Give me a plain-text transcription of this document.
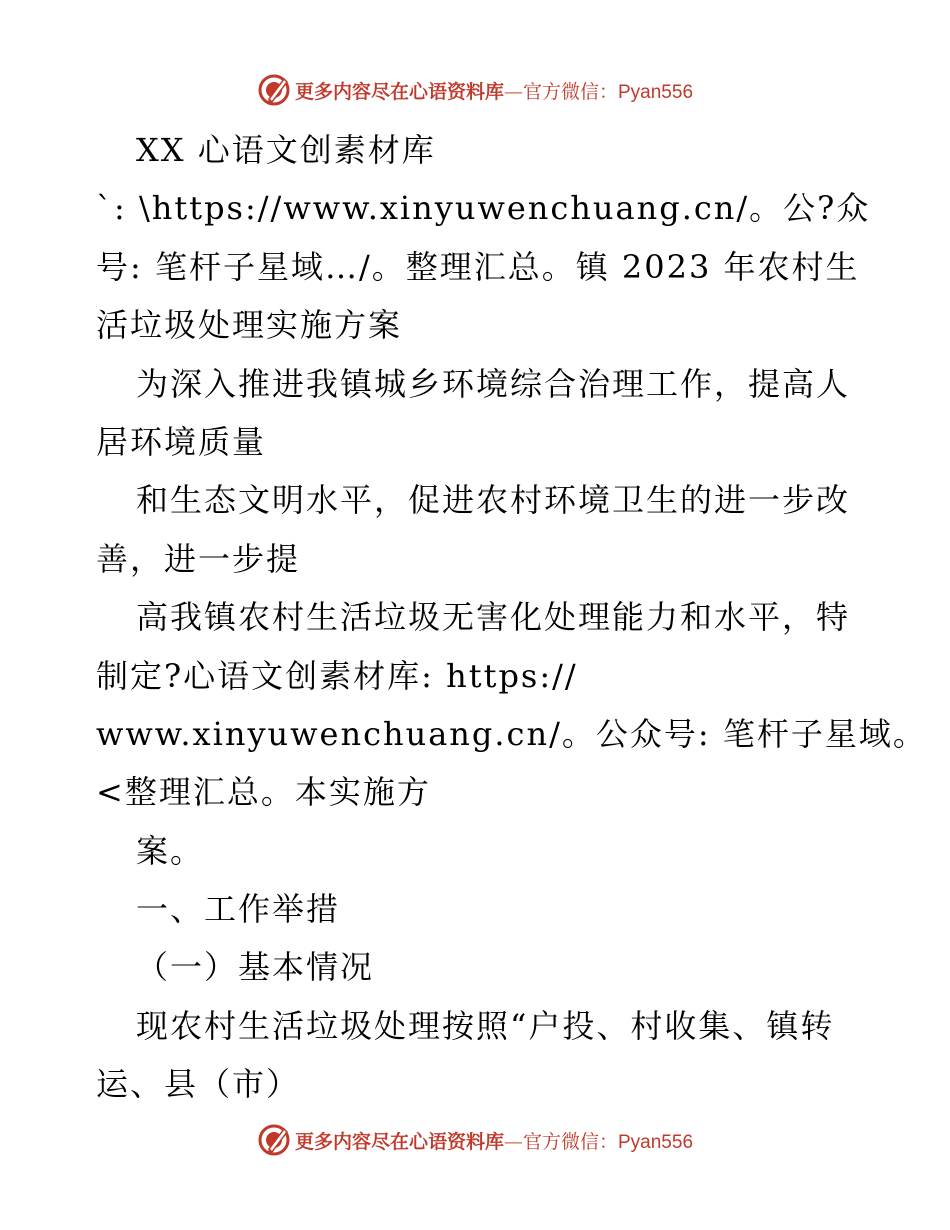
更多内容尽在心语资料库—官方微信：Pyan556
XX 心语文创素材库
`: \https://www.xinyuwenchuang.cn/。公?众
号: 笔杆子星域…/。整理汇总。镇 2023 年农村生
活垃圾处理实施方案
为深入推进我镇城乡环境综合治理工作，提高人
居环境质量
和生态文明水平，促进农村环境卫生的进一步改
善，进一步提
高我镇农村生活垃圾无害化处理能力和水平，特
制定?心语文创素材库: https://
www.xinyuwenchuang.cn/。公众号: 笔杆子星域。
<整理汇总。本实施方
案。
一、工作举措
（一）基本情况
现农村生活垃圾处理按照“户投、村收集、镇转
运、县（市）
更多内容尽在心语资料库—官方微信：Pyan556
